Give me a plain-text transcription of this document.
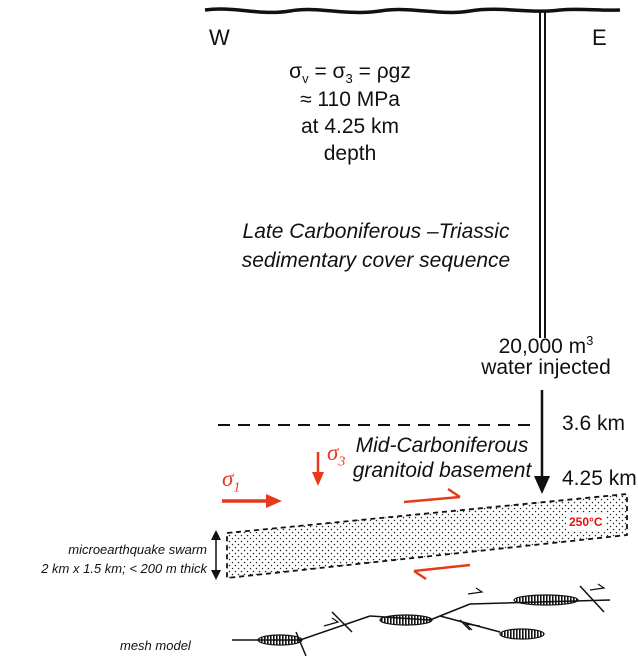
W	E
$\sigma_v = \sigma_3 = \rho gz$
≈ 110 MPa
at 4.25 km
depth
Late Carboniferous –Triassic
sedimentary cover sequence
20,000 $m^3$
water injected
3.6 km
4.25 km
Mid-Carboniferous
granitoid basement
$\sigma_1$
$\sigma_3$
250°C
microearthquake swarm
2 km x 1.5 km; < 200 m thick
mesh model
